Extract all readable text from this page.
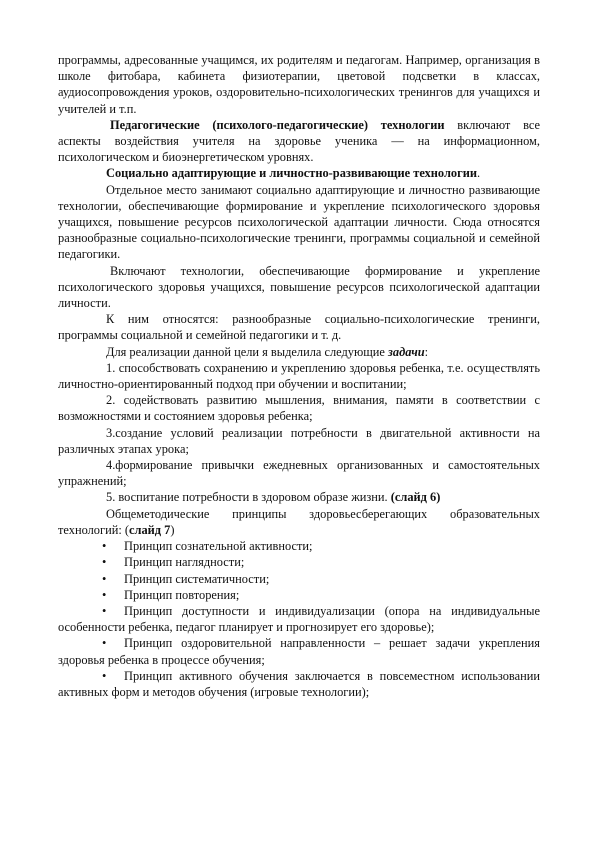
программы, адресованные учащимся, их родителям и педагогам. Например, организация в школе фитобара, кабинета физиотерапии, цветовой подсветки в классах, аудиосопровождения уроков, оздоровительно-психологических тренингов для учащихся и учителей и т.п.

Педагогические (психолого-педагогические) технологии включают все аспекты воздействия учителя на здоровье ученика — на информационном, психологическом и биоэнергетическом уровнях.

Социально адаптирующие и личностно-развивающие технологии.

Отдельное место занимают социально адаптирующие и личностно развивающие технологии, обеспечивающие формирование и укрепление психологического здоровья учащихся, повышение ресурсов психологической адаптации личности. Сюда относятся разнообразные социально-психологические тренинги, программы социальной и семейной педагогики.

Включают технологии, обеспечивающие формирование и укрепление психологического здоровья учащихся, повышение ресурсов психологической адаптации личности.

К ним относятся: разнообразные социально-психологические тренинги, программы социальной и семейной педагогики и т. д.

Для реализации данной цели я выделила следующие задачи:

1. способствовать сохранению и укреплению здоровья ребенка, т.е. осуществлять личностно-ориентированный подход при обучении и воспитании;

2. содействовать развитию мышления, внимания, памяти в соответствии с возможностями и состоянием здоровья ребенка;

3.создание условий реализации потребности в двигательной активности на различных этапах урока;

4.формирование привычки ежедневных организованных и самостоятельных упражнений;

5. воспитание потребности в здоровом образе жизни. (слайд 6)

Общеметодические принципы здоровьесберегающих образовательных технологий: (слайд 7)

• Принцип сознательной активности;
• Принцип наглядности;
• Принцип систематичности;
• Принцип повторения;
• Принцип доступности и индивидуализации (опора на индивидуальные особенности ребенка, педагог планирует и прогнозирует его здоровье);
• Принцип оздоровительной направленности – решает задачи укрепления здоровья ребенка в процессе обучения;
• Принцип активного обучения заключается в повсеместном использовании активных форм и методов обучения (игровые технологии);
